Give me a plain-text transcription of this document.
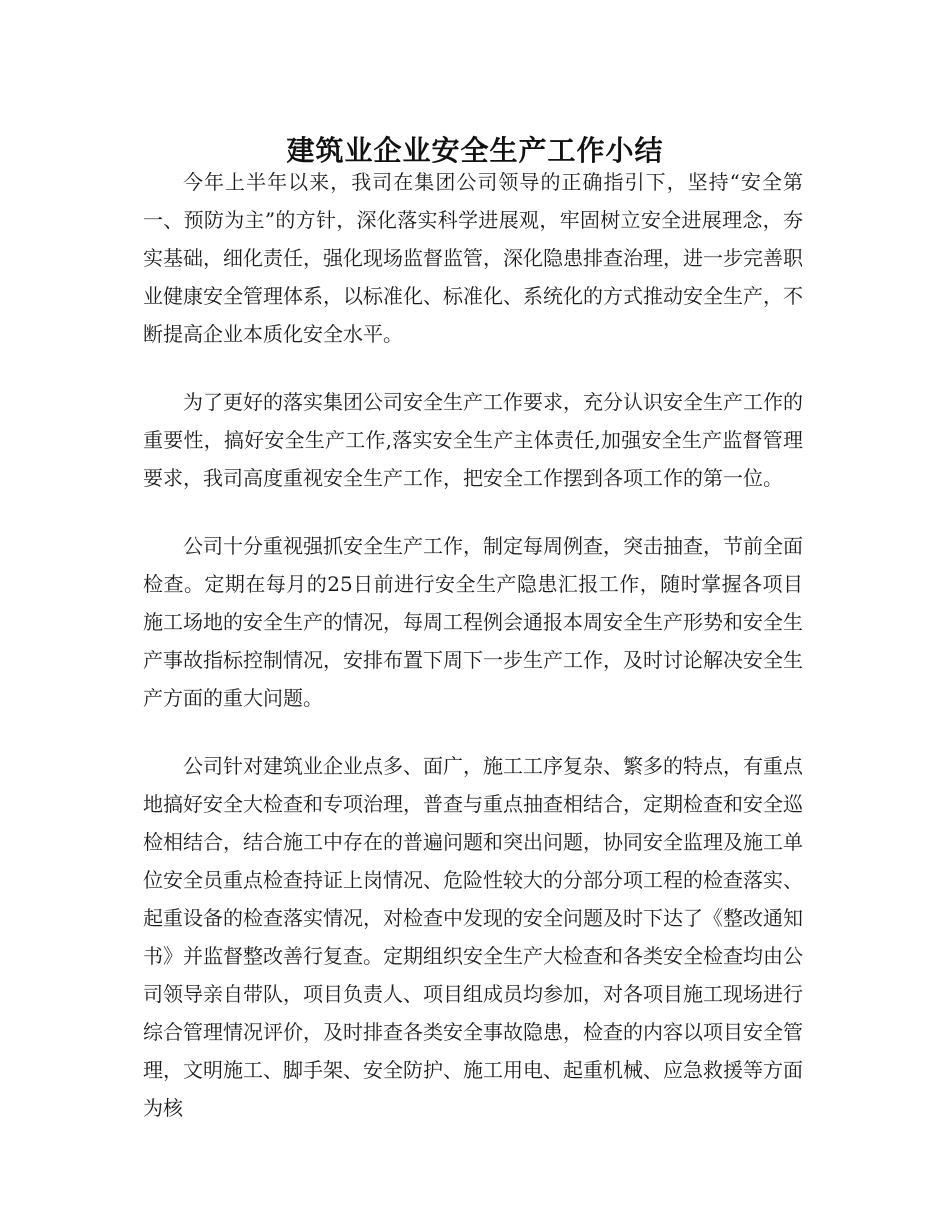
建筑业企业安全生产工作小结

今年上半年以来，我司在集团公司领导的正确指引下，坚持“安全第一、预防为主”的方针，深化落实科学进展观，牢固树立安全进展理念，夯实基础，细化责任，强化现场监督监管，深化隐患排查治理，进一步完善职业健康安全管理体系，以标准化、标准化、系统化的方式推动安全生产，不断提高企业本质化安全水平。

为了更好的落实集团公司安全生产工作要求，充分认识安全生产工作的重要性，搞好安全生产工作,落实安全生产主体责任,加强安全生产监督管理要求，我司高度重视安全生产工作，把安全工作摆到各项工作的第一位。

公司十分重视强抓安全生产工作，制定每周例查，突击抽查，节前全面检查。定期在每月的25日前进行安全生产隐患汇报工作，随时掌握各项目施工场地的安全生产的情况，每周工程例会通报本周安全生产形势和安全生产事故指标控制情况，安排布置下周下一步生产工作，及时讨论解决安全生产方面的重大问题。

公司针对建筑业企业点多、面广，施工工序复杂、繁多的特点，有重点地搞好安全大检查和专项治理，普查与重点抽查相结合，定期检查和安全巡检相结合，结合施工中存在的普遍问题和突出问题，协同安全监理及施工单位安全员重点检查持证上岗情况、危险性较大的分部分项工程的检查落实、起重设备的检查落实情况，对检查中发现的安全问题及时下达了《整改通知书》并监督整改善行复查。定期组织安全生产大检查和各类安全检查均由公司领导亲自带队，项目负责人、项目组成员均参加，对各项目施工现场进行综合管理情况评价，及时排查各类安全事故隐患，检查的内容以项目安全管理，文明施工、脚手架、安全防护、施工用电、起重机械、应急救援等方面为核
